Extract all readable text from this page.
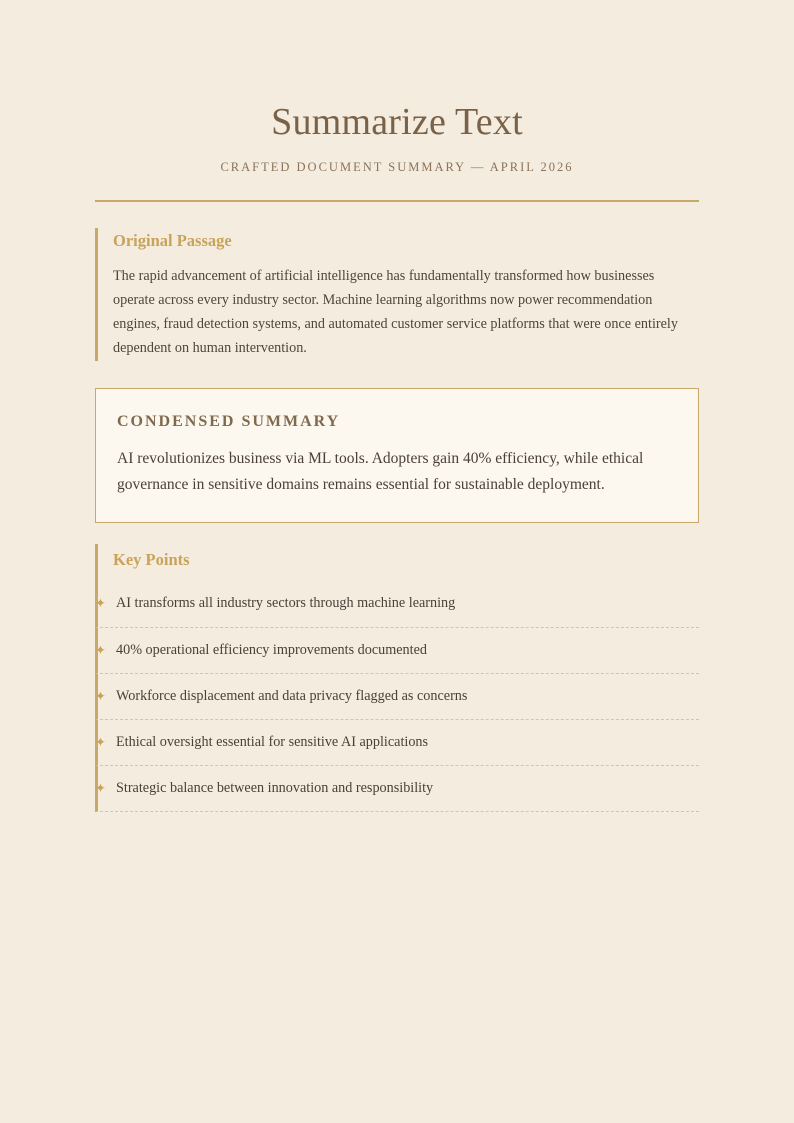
Summarize Text
CRAFTED DOCUMENT SUMMARY — APRIL 2026
Original Passage

The rapid advancement of artificial intelligence has fundamentally transformed how businesses operate across every industry sector. Machine learning algorithms now power recommendation engines, fraud detection systems, and automated customer service platforms that were once entirely dependent on human intervention.

CONDENSED SUMMARY

AI revolutionizes business via ML tools. Adopters gain 40% efficiency, while ethical governance in sensitive domains remains essential for sustainable deployment.

Key Points
✦ AI transforms all industry sectors through machine learning
✦ 40% operational efficiency improvements documented
✦ Workforce displacement and data privacy flagged as concerns
✦ Ethical oversight essential for sensitive AI applications
✦ Strategic balance between innovation and responsibility
